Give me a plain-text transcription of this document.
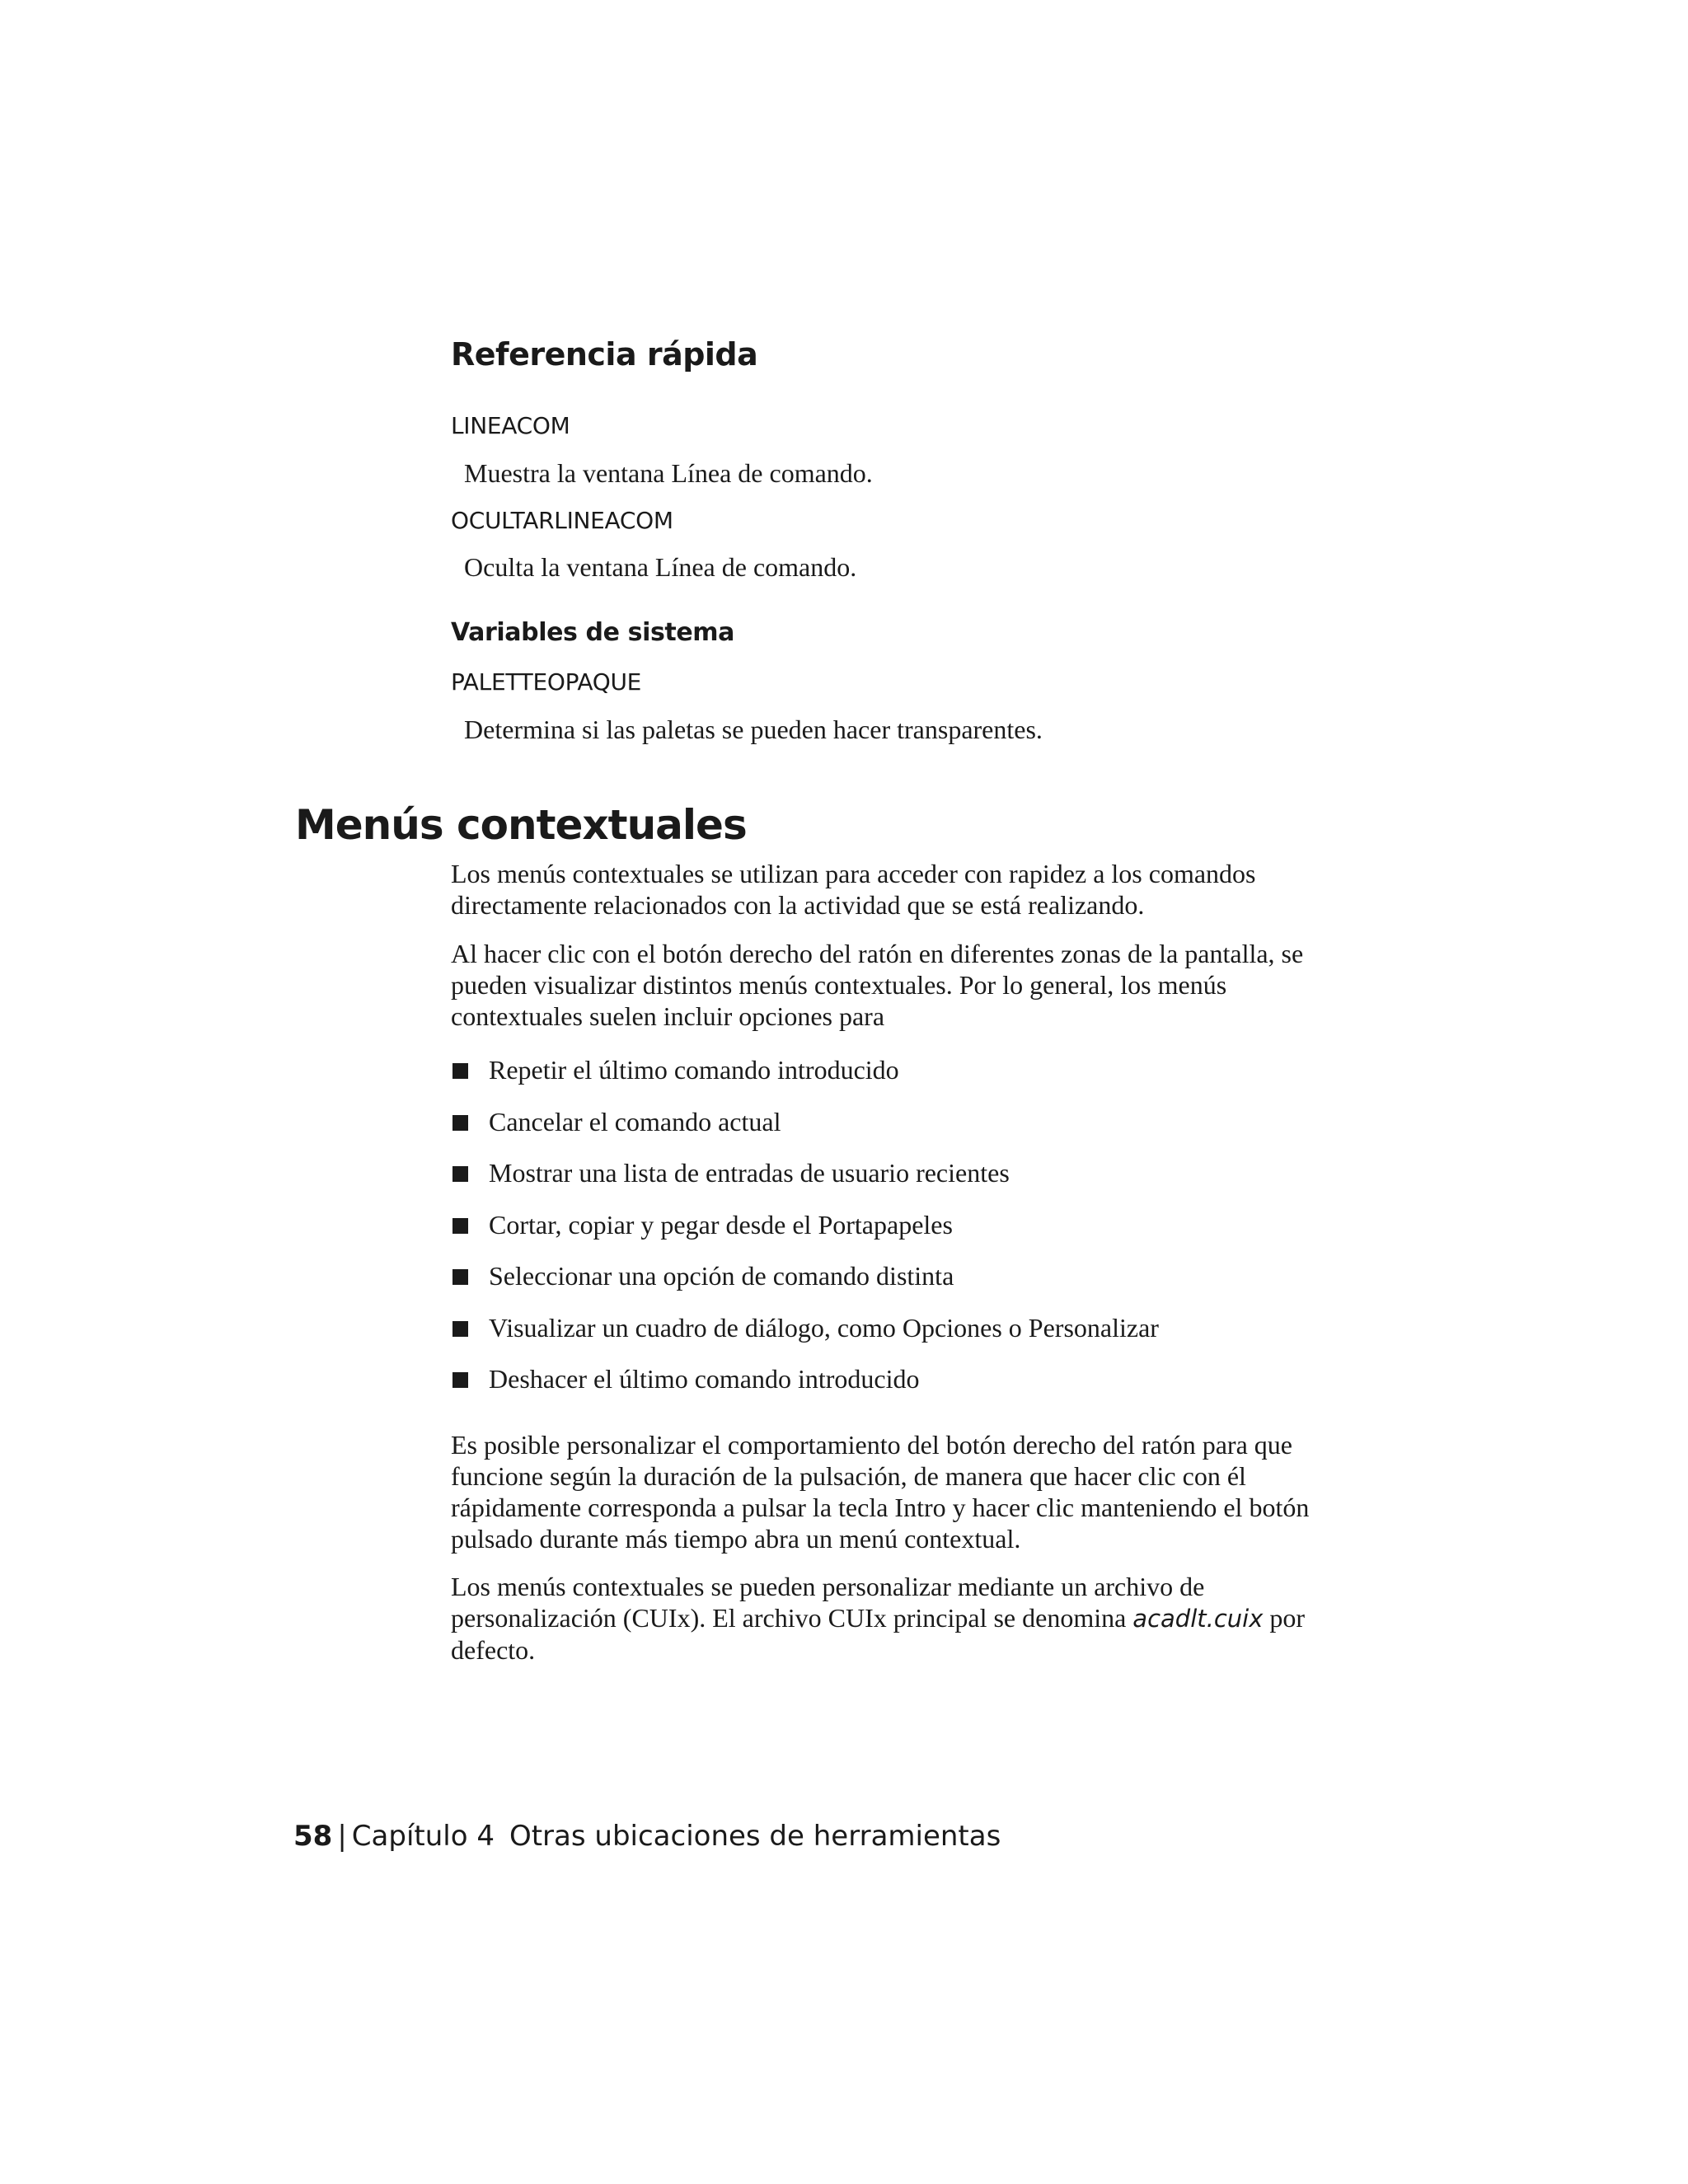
Referencia rápida
LINEACOM
Muestra la ventana Línea de comando.
OCULTARLINEACOM
Oculta la ventana Línea de comando.
Variables de sistema
PALETTEOPAQUE
Determina si las paletas se pueden hacer transparentes.
Menús contextuales

Los menús contextuales se utilizan para acceder con rapidez a los comandos directamente relacionados con la actividad que se está realizando.

Al hacer clic con el botón derecho del ratón en diferentes zonas de la pantalla, se pueden visualizar distintos menús contextuales. Por lo general, los menús contextuales suelen incluir opciones para

Repetir el último comando introducido
Cancelar el comando actual
Mostrar una lista de entradas de usuario recientes
Cortar, copiar y pegar desde el Portapapeles
Seleccionar una opción de comando distinta
Visualizar un cuadro de diálogo, como Opciones o Personalizar
Deshacer el último comando introducido

Es posible personalizar el comportamiento del botón derecho del ratón para que funcione según la duración de la pulsación, de manera que hacer clic con él rápidamente corresponda a pulsar la tecla Intro y hacer clic manteniendo el botón pulsado durante más tiempo abra un menú contextual.

Los menús contextuales se pueden personalizar mediante un archivo de personalización (CUIx). El archivo CUIx principal se denomina acadlt.cuix por defecto.

58 | Capítulo 4 Otras ubicaciones de herramientas
